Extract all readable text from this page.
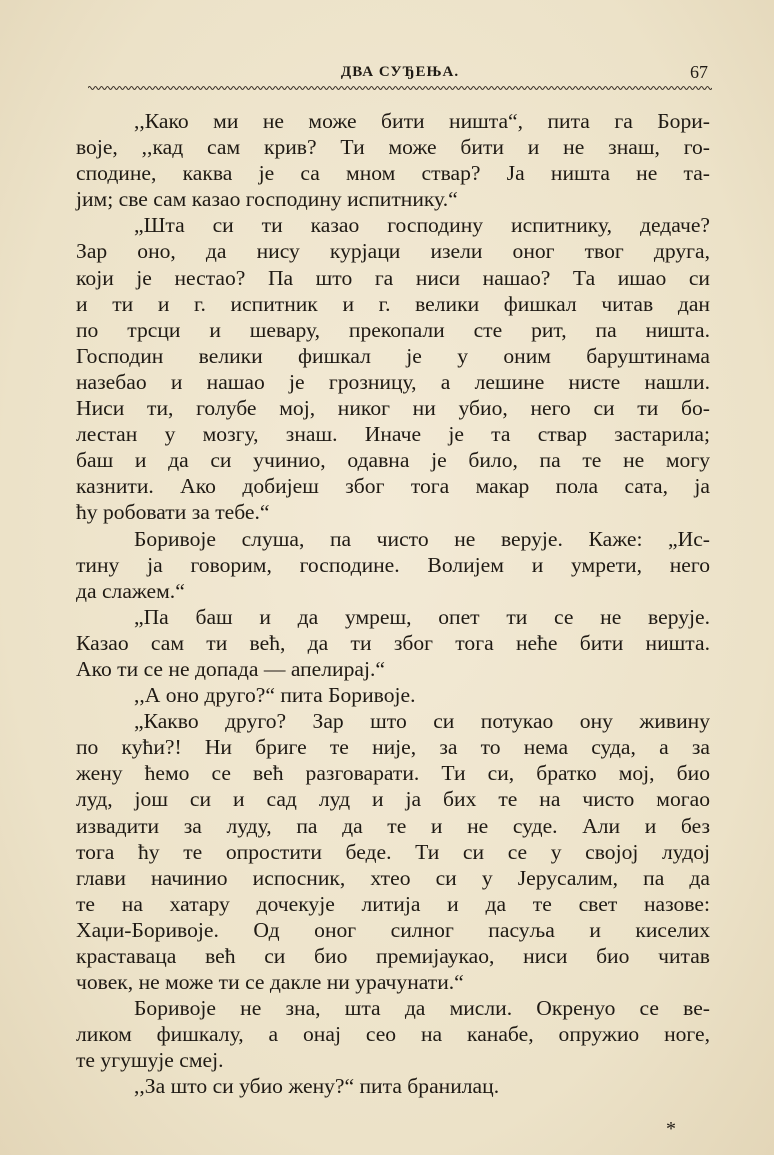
ДВА СУЂЕЊА.	67
,,Како ми не може бити ништа“, пита га Бори-
воје, ,,кад сам крив? Ти може бити и не знаш, го-
сподине, каква је са мном ствар? Ја ништа не та-
јим; све сам казао господину испитнику.“
„Шта си ти казао господину испитнику, дедаче?
Зар оно, да нису курјаци изели оног твог друга,
који је нестао? Па што га ниси нашао? Та ишао си
и ти и г. испитник и г. велики фишкал читав дан
по трсци и шевару, прекопали сте рит, па ништа.
Господин велики фишкал је у оним баруштинама
назебао и нашао је грозницу, а лешине нисте нашли.
Ниси ти, голубе мој, никог ни убио, него си ти бо-
лестан у мозгу, знаш. Иначе је та ствар застарила;
баш и да си учинио, одавна је било, па те не могу
казнити. Ако добијеш због тога макар пола сата, ја
ћу робовати за тебе.“
Боривоје слуша, па чисто не верује. Каже: „Ис-
тину ја говорим, господине. Волијем и умрети, него
да слажем.“
„Па баш и да умреш, опет ти се не верује.
Казао сам ти већ, да ти због тога неће бити ништа.
Ако ти се не допада — апелирај.“
,,А оно друго?“ пита Боривоје.
„Какво друго? Зар што си потукао ону живину
по кући?! Ни бриге те није, за то нема суда, а за
жену ћемо се већ разговарати. Ти си, братко мој, био
луд, још си и сад луд и ја бих те на чисто могао
извадити за луду, па да те и не суде. Али и без
тога ћу те опростити беде. Ти си се у својој лудој
глави начинио испосник, хтео си у Јерусалим, па да
те на хатару дочекује литија и да те свет назове:
Хаџи-Боривоје. Од оног силног пасуља и киселих
краставаца већ си био премијаукао, ниси био читав
човек, не може ти се дакле ни урачунати.“
Боривоје не зна, шта да мисли. Окренуо се ве-
ликом фишкалу, а онај сео на канабе, опружио ноге,
те угушује смеј.
,,За што си убио жену?“ пита бранилац.
*
